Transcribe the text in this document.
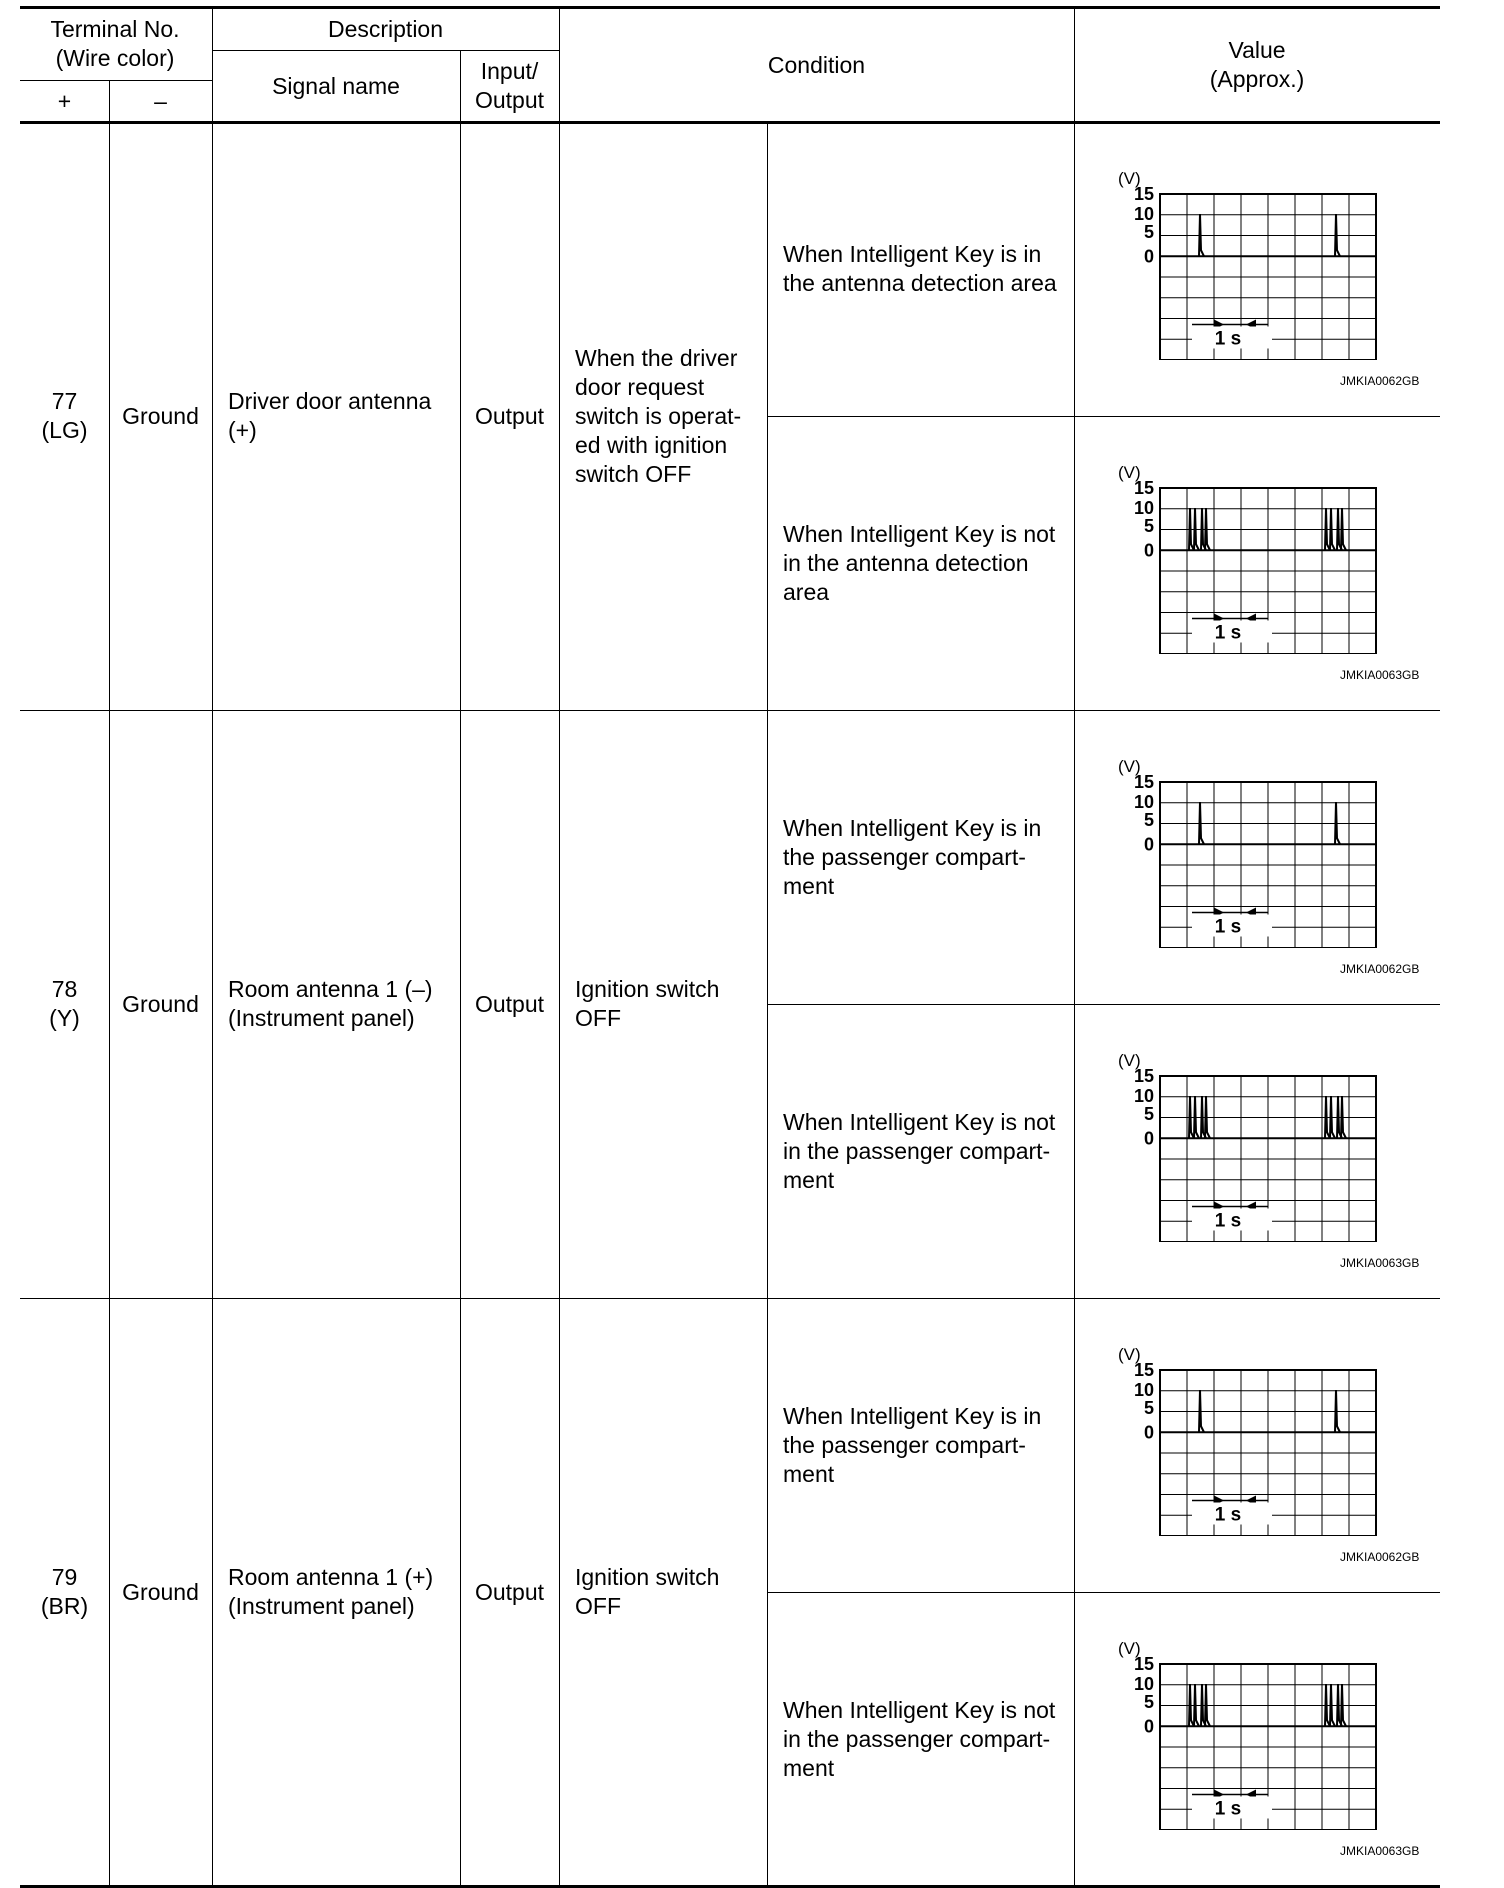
Terminal No.
(Wire color)
+	–
Description
Signal name
Input/
Output
Condition
Value
(Approx.)
77
(LG)
Ground
Driver door antenna
(+)
Output
When the driver
door request
switch is operat-
ed with ignition
switch OFF
When Intelligent Key is in
the antenna detection area
(V)
15
10
5
0
1 s
JMKIA0062GB
When Intelligent Key is not
in the antenna detection
area
(V)
15
10
5
0
1 s
JMKIA0063GB
78
(Y)
Ground
Room antenna 1 (–)
(Instrument panel)
Output
Ignition switch
OFF
When Intelligent Key is in
the passenger compart-
ment
(V)
15
10
5
0
1 s
JMKIA0062GB
When Intelligent Key is not
in the passenger compart-
ment
(V)
15
10
5
0
1 s
JMKIA0063GB
79
(BR)
Ground
Room antenna 1 (+)
(Instrument panel)
Output
Ignition switch
OFF
When Intelligent Key is in
the passenger compart-
ment
(V)
15
10
5
0
1 s
JMKIA0062GB
When Intelligent Key is not
in the passenger compart-
ment
(V)
15
10
5
0
1 s
JMKIA0063GB
